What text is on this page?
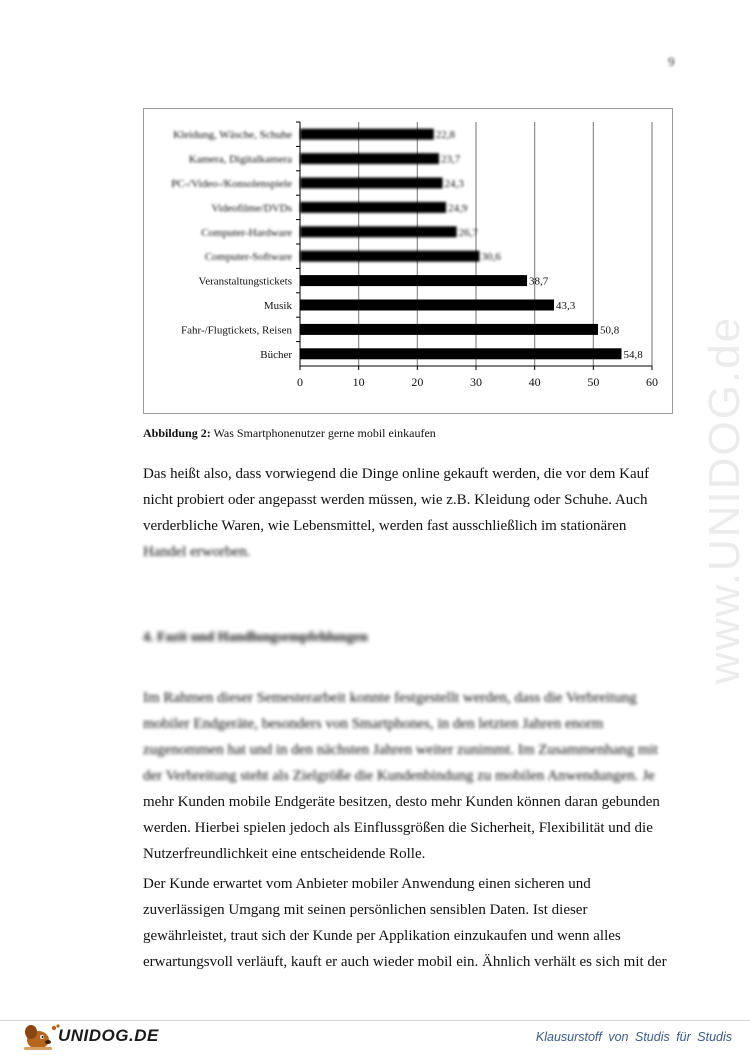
9
Kleidung, Wäsche, Schuhe	22,8
Kamera, Digitalkamera	23,7
PC-/Video-/Konsolenspiele	24,3
Videofilme/DVDs	24,9
Computer-Hardware	26,7
Computer-Software	30,6
Veranstaltungstickets	38,7
Musik	43,3
Fahr-/Flugtickets, Reisen	50,8
Bücher	54,8
0	10	20	30	40	50	60
Abbildung 2: Was Smartphonenutzer gerne mobil einkaufen

Das heißt also, dass vorwiegend die Dinge online gekauft werden, die vor dem Kauf

nicht probiert oder angepasst werden müssen, wie z.B. Kleidung oder Schuhe. Auch

verderbliche Waren, wie Lebensmittel, werden fast ausschließlich im stationären

Handel erworben.

4. Fazit und Handlungsempfehlungen

Im Rahmen dieser Semesterarbeit konnte festgestellt werden, dass die Verbreitung

mobiler Endgeräte, besonders von Smartphones, in den letzten Jahren enorm

zugenommen hat und in den nächsten Jahren weiter zunimmt. Im Zusammenhang mit

der Verbreitung steht als Zielgröße die Kundenbindung zu mobilen Anwendungen. Je

mehr Kunden mobile Endgeräte besitzen, desto mehr Kunden können daran gebunden

werden. Hierbei spielen jedoch als Einflussgrößen die Sicherheit, Flexibilität und die

Nutzerfreundlichkeit eine entscheidende Rolle.

Der Kunde erwartet vom Anbieter mobiler Anwendung einen sicheren und

zuverlässigen Umgang mit seinen persönlichen sensiblen Daten. Ist dieser

gewährleistet, traut sich der Kunde per Applikation einzukaufen und wenn alles

erwartungsvoll verläuft, kauft er auch wieder mobil ein. Ähnlich verhält es sich mit der

www.UNIDOG.de
UNIDOG.DE	Klausurstoff von Studis für Studis
